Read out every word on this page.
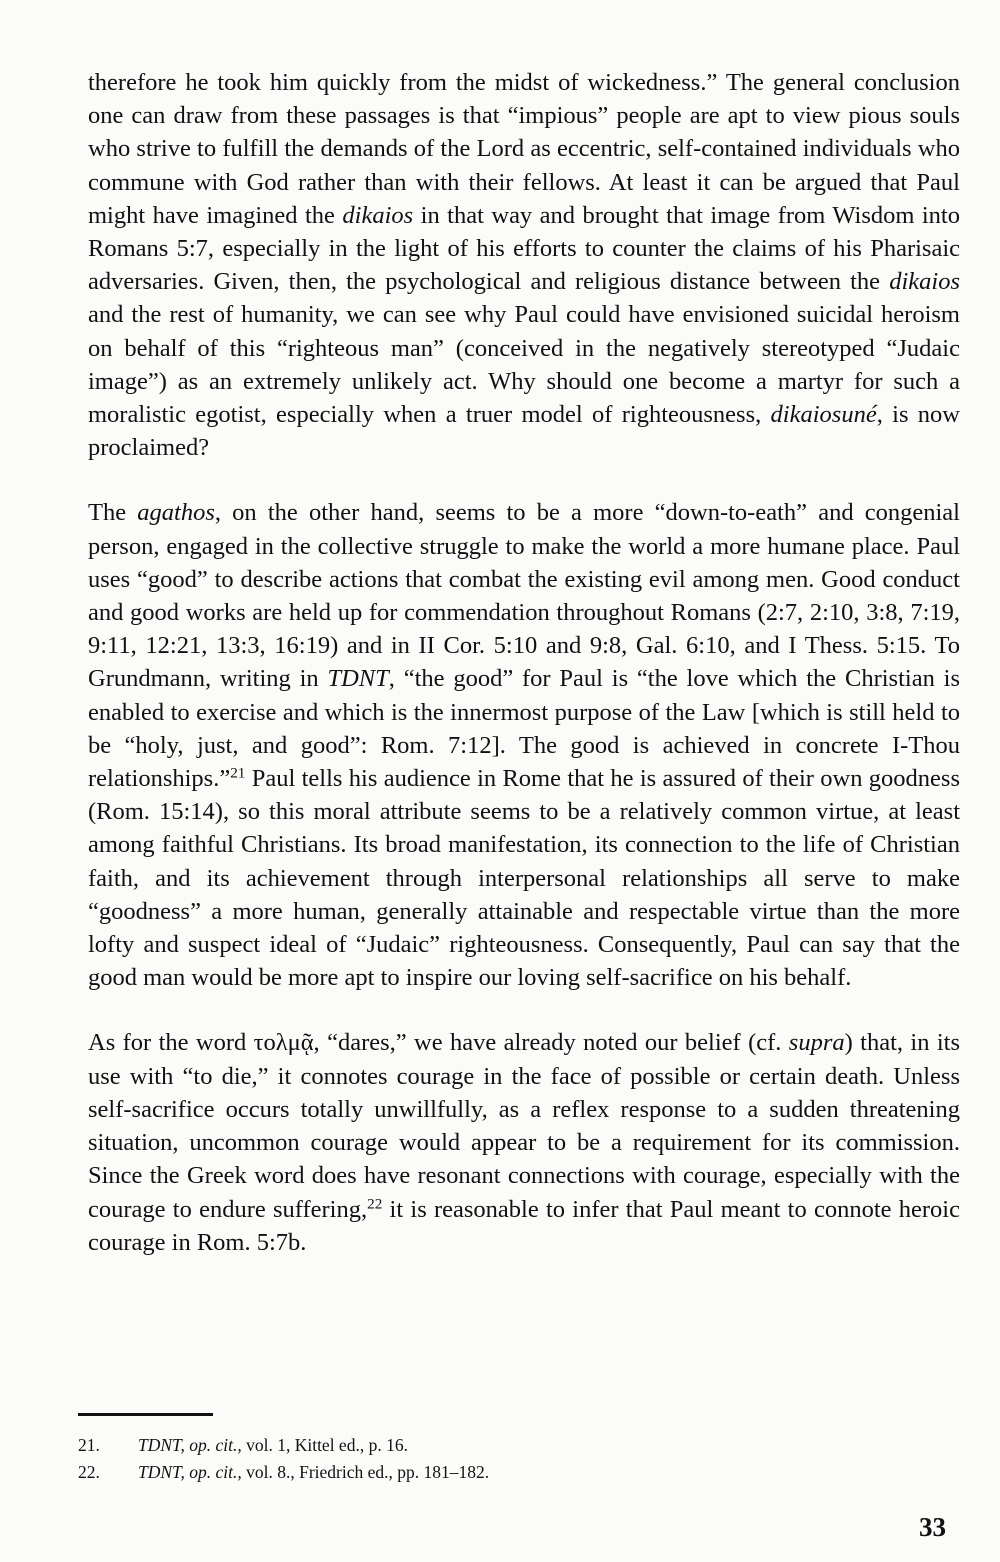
therefore he took him quickly from the midst of wickedness.” The general conclusion one can draw from these passages is that “impious” people are apt to view pious souls who strive to fulfill the demands of the Lord as eccentric, self-contained individuals who commune with God rather than with their fellows. At least it can be argued that Paul might have imagined the dikaios in that way and brought that image from Wisdom into Romans 5:7, especially in the light of his efforts to counter the claims of his Pharisaic adversaries. Given, then, the psychological and religious distance between the dikaios and the rest of humanity, we can see why Paul could have envisioned suicidal heroism on behalf of this “righteous man” (conceived in the negatively stereotyped “Judaic image”) as an extremely unlikely act. Why should one become a martyr for such a moralistic egotist, especially when a truer model of righteousness, dikaiosuné, is now proclaimed?

The agathos, on the other hand, seems to be a more “down-to-eath” and congenial person, engaged in the collective struggle to make the world a more humane place. Paul uses “good” to describe actions that combat the existing evil among men. Good conduct and good works are held up for commendation throughout Romans (2:7, 2:10, 3:8, 7:19, 9:11, 12:21, 13:3, 16:19) and in II Cor. 5:10 and 9:8, Gal. 6:10, and I Thess. 5:15. To Grundmann, writing in TDNT, “the good” for Paul is “the love which the Christian is enabled to exercise and which is the innermost purpose of the Law [which is still held to be “holy, just, and good”: Rom. 7:12]. The good is achieved in concrete I-Thou relationships.”$^{21}$ Paul tells his audience in Rome that he is assured of their own goodness (Rom. 15:14), so this moral attribute seems to be a relatively common virtue, at least among faithful Christians. Its broad manifestation, its connection to the life of Christian faith, and its achievement through interpersonal relationships all serve to make “goodness” a more human, generally attainable and respectable virtue than the more lofty and suspect ideal of “Judaic” righteousness. Consequently, Paul can say that the good man would be more apt to inspire our loving self-sacrifice on his behalf.

As for the word τολμᾷ, “dares,” we have already noted our belief (cf. supra) that, in its use with “to die,” it connotes courage in the face of possible or certain death. Unless self-sacrifice occurs totally unwillfully, as a reflex response to a sudden threatening situation, uncommon courage would appear to be a requirement for its commission. Since the Greek word does have resonant connections with courage, especially with the courage to endure suffering,$^{22}$ it is reasonable to infer that Paul meant to connote heroic courage in Rom. 5:7b.

21.	TDNT, op. cit., vol. 1, Kittel ed., p. 16.
22.	TDNT, op. cit., vol. 8., Friedrich ed., pp. 181–182.
33
